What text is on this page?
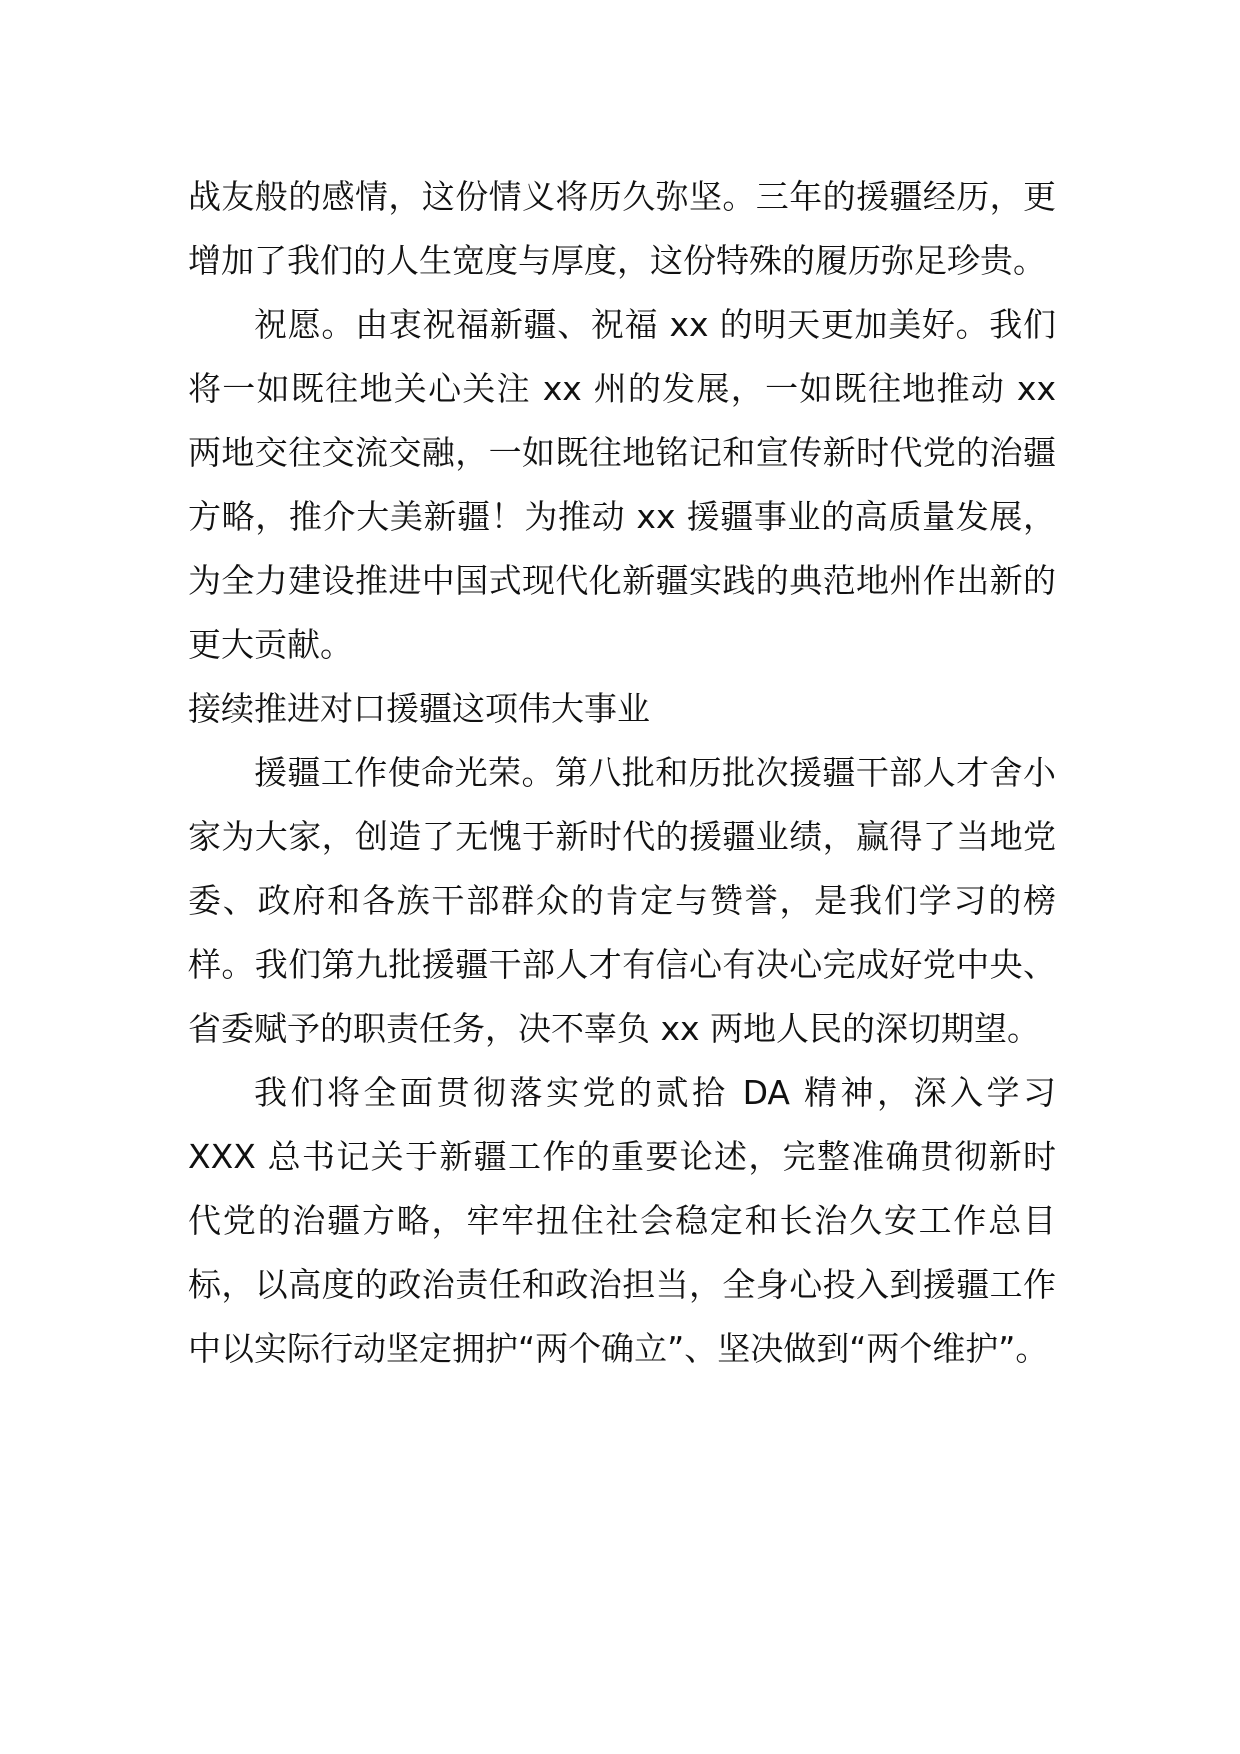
战友般的感情，这份情义将历久弥坚。三年的援疆经历，更增加了我们的人生宽度与厚度，这份特殊的履历弥足珍贵。

祝愿。由衷祝福新疆、祝福 xx 的明天更加美好。我们将一如既往地关心关注 xx 州的发展，一如既往地推动 xx 两地交往交流交融，一如既往地铭记和宣传新时代党的治疆方略，推介大美新疆！为推动 xx 援疆事业的高质量发展，为全力建设推进中国式现代化新疆实践的典范地州作出新的更大贡献。

接续推进对口援疆这项伟大事业

援疆工作使命光荣。第八批和历批次援疆干部人才舍小家为大家，创造了无愧于新时代的援疆业绩，赢得了当地党委、政府和各族干部群众的肯定与赞誉，是我们学习的榜样。我们第九批援疆干部人才有信心有决心完成好党中央、省委赋予的职责任务，决不辜负 xx 两地人民的深切期望。

我们将全面贯彻落实党的贰拾 DA 精神，深入学习 XXX 总书记关于新疆工作的重要论述，完整准确贯彻新时代党的治疆方略，牢牢扭住社会稳定和长治久安工作总目标，以高度的政治责任和政治担当，全身心投入到援疆工作中以实际行动坚定拥护“两个确立”、坚决做到“两个维护”。
